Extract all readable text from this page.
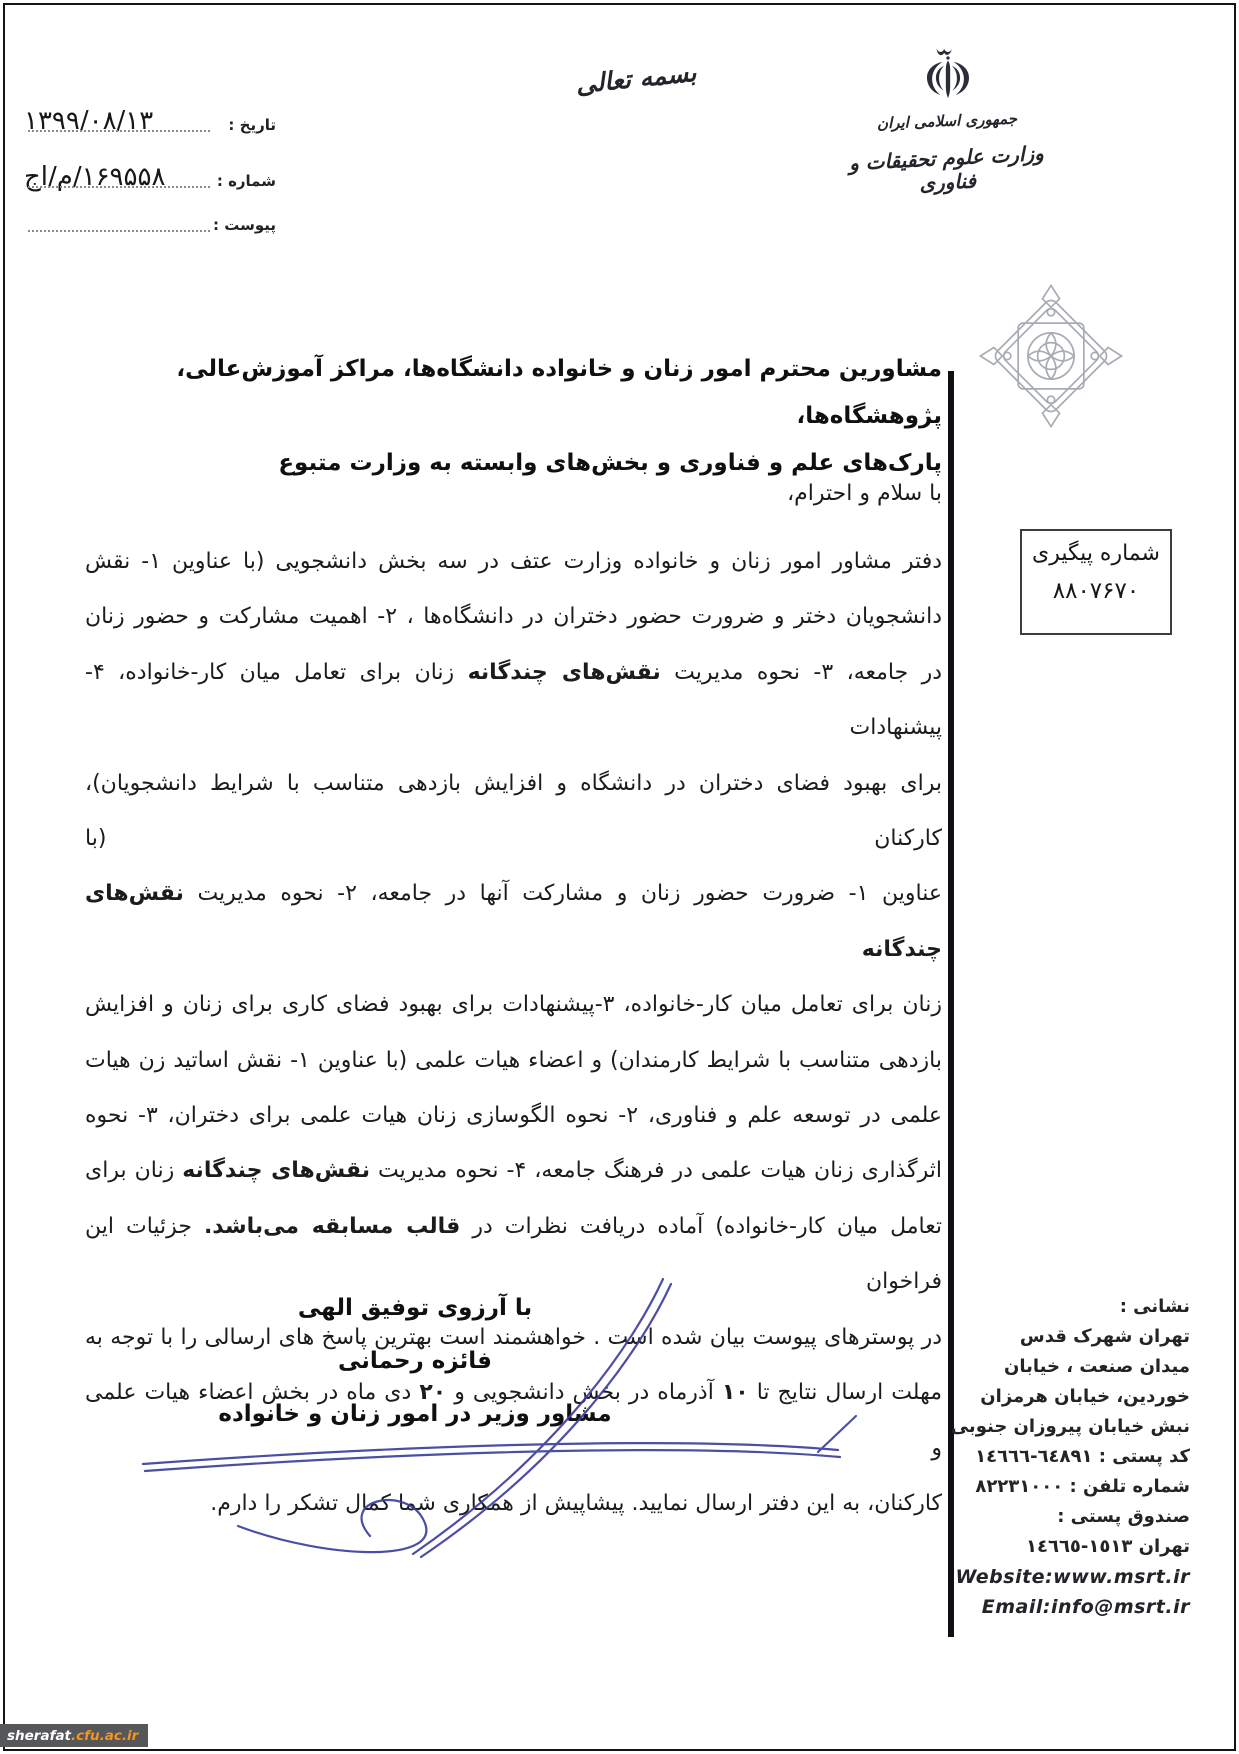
۱۳۹۹/۰۸/۱۳	تاریخ :
۱۶۹۵۵۸/م/اج	شماره :
پیوست :
بسمه تعالی
جمهوری اسلامی ایران
وزارت علوم تحقیقات و فناوری
مشاورین محترم امور زنان و خانواده دانشگاه‌ها، مراکز آموزش‌عالی، پژوهشگاه‌ها،
پارک‌های علم و فناوری و بخش‌های وابسته به وزارت متبوع
با سلام و احترام،
شماره پیگیری
۸۸۰۷۶۷۰
دفتر مشاور امور زنان و خانواده وزارت عتف در سه بخش دانشجویی (با عناوین ۱- نقش
دانشجویان دختر و ضرورت حضور دختران در دانشگاه‌ها ، ۲- اهمیت مشارکت و حضور زنان
در جامعه، ۳- نحوه مدیریت نقش‌های چندگانه زنان برای تعامل میان کار-خانواده، ۴- پیشنهادات
برای بهبود فضای دختران در دانشگاه و افزایش بازدهی متناسب با شرایط دانشجویان)، کارکنان (با
عناوین ۱- ضرورت حضور زنان و مشارکت آنها در جامعه، ۲- نحوه مدیریت نقش‌های چندگانه
زنان برای تعامل میان کار-خانواده، ۳-پیشنهادات برای بهبود فضای کاری برای زنان و افزایش
بازدهی متناسب با شرایط کارمندان) و اعضاء هیات علمی (با عناوین ۱- نقش اساتید زن هیات
علمی در توسعه علم و فناوری، ۲- نحوه الگوسازی زنان هیات علمی برای دختران، ۳- نحوه
اثرگذاری زنان هیات علمی در فرهنگ جامعه، ۴- نحوه مدیریت نقش‌های چندگانه زنان برای
تعامل میان کار-خانواده) آماده دریافت نظرات در قالب مسابقه می‌باشد. جزئیات این فراخوان
در پوسترهای پیوست بیان شده است . خواهشمند است بهترین پاسخ های ارسالی را با توجه به
مهلت ارسال نتایج تا ۱۰ آذرماه در بخش دانشجویی و ۲۰ دی ماه در بخش اعضاء هیات علمی و
کارکنان، به این دفتر ارسال نمایید. پیشاپیش از همکاری شما کمال تشکر را دارم.
با آرزوی توفیق الهی
فائزه رحمانی
مشاور وزیر در امور زنان و خانواده
نشانی :
تهران شهرک قدس
میدان صنعت ، خیابان
خوردین، خیابان هرمزان
نبش خیابان پیروزان جنوبی
کد پستی : ٦٤٨٩١-١٤٦٦٦
شماره تلفن : ٨٢٢٣١٠٠٠
صندوق پستی :
تهران ١٥١٣-١٤٦٦٥
Website:www.msrt.ir
Email:info@msrt.ir
sherafat .cfu.ac.ir
